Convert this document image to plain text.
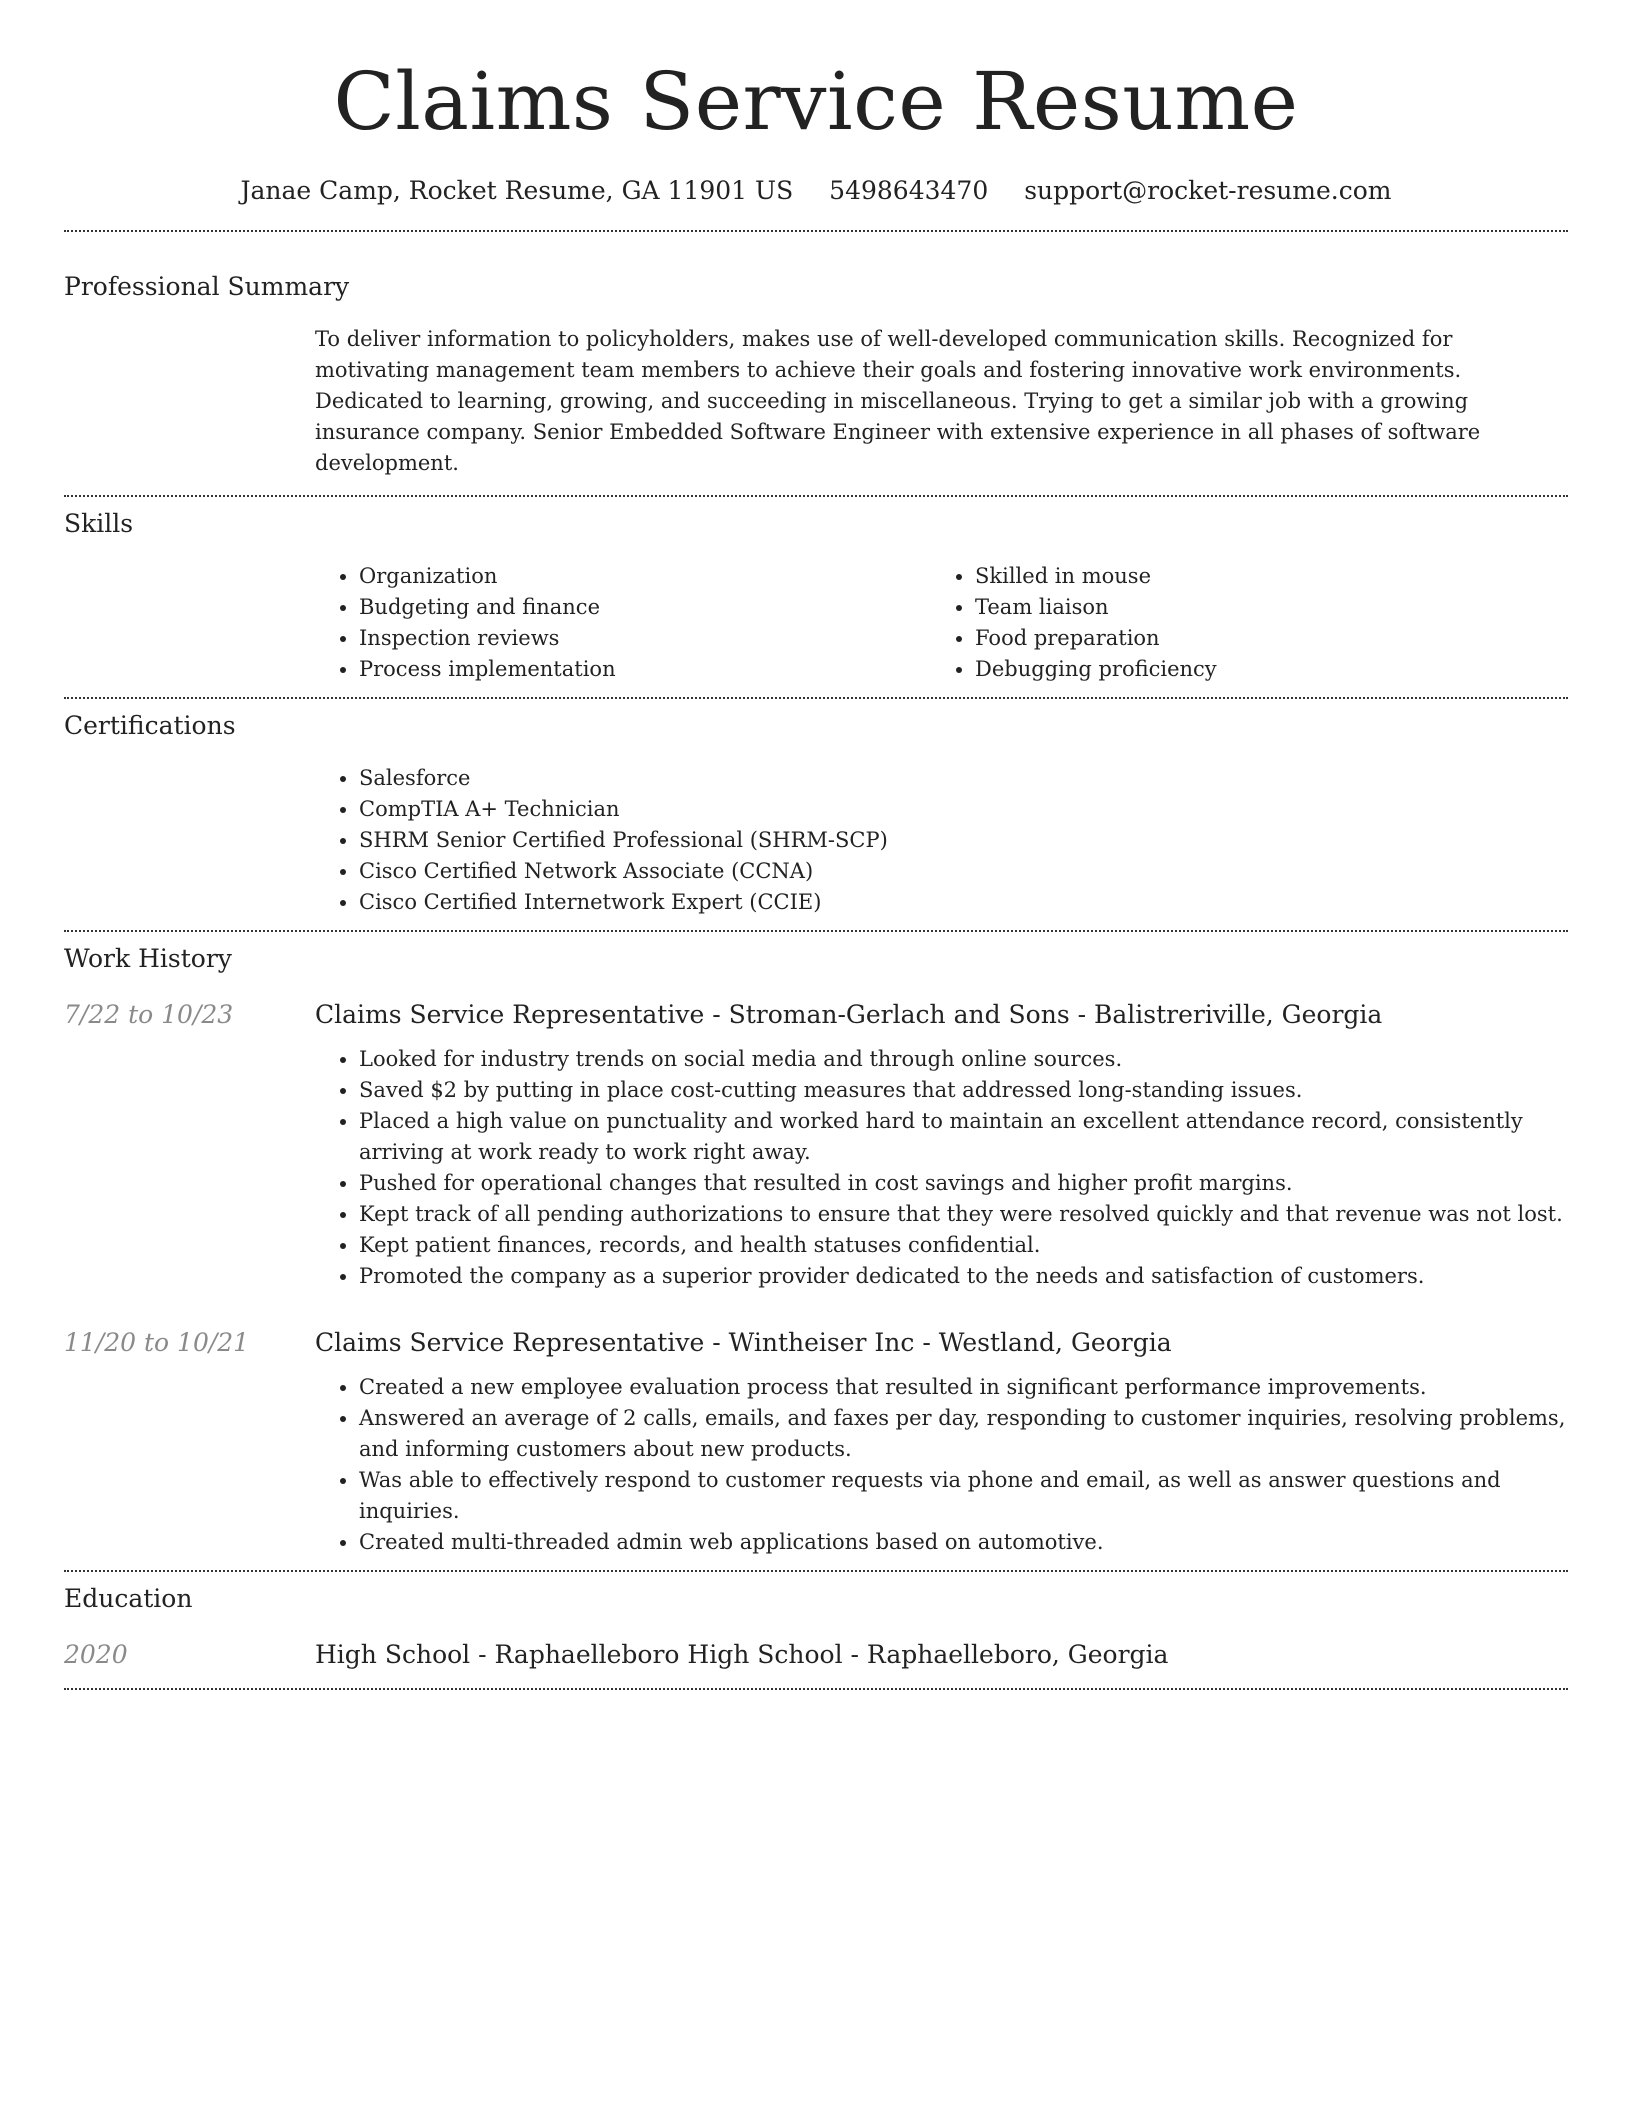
Claims Service Resume
Janae Camp, Rocket Resume, GA 11901 US 5498643470 support@rocket-resume.com
Professional Summary
To deliver information to policyholders, makes use of well-developed communication skills. Recognized for motivating management team members to achieve their goals and fostering innovative work environments. Dedicated to learning, growing, and succeeding in miscellaneous. Trying to get a similar job with a growing insurance company. Senior Embedded Software Engineer with extensive experience in all phases of software development.
Skills
• Organization
• Budgeting and finance
• Inspection reviews
• Process implementation
• Skilled in mouse
• Team liaison
• Food preparation
• Debugging proficiency
Certifications
• Salesforce
• CompTIA A+ Technician
• SHRM Senior Certified Professional (SHRM-SCP)
• Cisco Certified Network Associate (CCNA)
• Cisco Certified Internetwork Expert (CCIE)
Work History
7/22 to 10/23	Claims Service Representative - Stroman-Gerlach and Sons - Balistreriville, Georgia
• Looked for industry trends on social media and through online sources.
• Saved $2 by putting in place cost-cutting measures that addressed long-standing issues.
• Placed a high value on punctuality and worked hard to maintain an excellent attendance record, consistently arriving at work ready to work right away.
• Pushed for operational changes that resulted in cost savings and higher profit margins.
• Kept track of all pending authorizations to ensure that they were resolved quickly and that revenue was not lost.
• Kept patient finances, records, and health statuses confidential.
• Promoted the company as a superior provider dedicated to the needs and satisfaction of customers.
11/20 to 10/21	Claims Service Representative - Wintheiser Inc - Westland, Georgia
• Created a new employee evaluation process that resulted in significant performance improvements.
• Answered an average of 2 calls, emails, and faxes per day, responding to customer inquiries, resolving problems, and informing customers about new products.
• Was able to effectively respond to customer requests via phone and email, as well as answer questions and inquiries.
• Created multi-threaded admin web applications based on automotive.
Education
2020	High School - Raphaelleboro High School - Raphaelleboro, Georgia
